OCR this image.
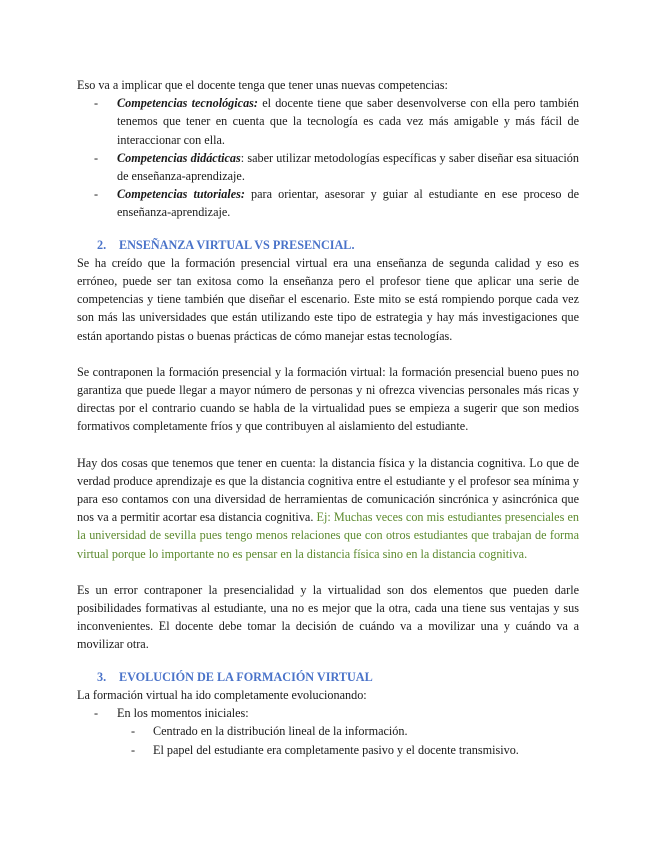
Eso va a implicar que el docente tenga que tener unas nuevas competencias:

- Competencias tecnológicas: el docente tiene que saber desenvolverse con ella pero también tenemos que tener en cuenta que la tecnología es cada vez más amigable y más fácil de interaccionar con ella.

- Competencias didácticas: saber utilizar metodologías específicas y saber diseñar esa situación de enseñanza-aprendizaje.

- Competencias tutoriales: para orientar, asesorar y guiar al estudiante en ese proceso de enseñanza-aprendizaje.

2. ENSEÑANZA VIRTUAL VS PRESENCIAL.

Se ha creído que la formación presencial virtual era una enseñanza de segunda calidad y eso es erróneo, puede ser tan exitosa como la enseñanza pero el profesor tiene que aplicar una serie de competencias y tiene también que diseñar el escenario. Este mito se está rompiendo porque cada vez son más las universidades que están utilizando este tipo de estrategia y hay más investigaciones que están aportando pistas o buenas prácticas de cómo manejar estas tecnologías.

Se contraponen la formación presencial y la formación virtual: la formación presencial bueno pues no garantiza que puede llegar a mayor número de personas y ni ofrezca vivencias personales más ricas y directas por el contrario cuando se habla de la virtualidad pues se empieza a sugerir que son medios formativos completamente fríos y que contribuyen al aislamiento del estudiante.

Hay dos cosas que tenemos que tener en cuenta: la distancia física y la distancia cognitiva. Lo que de verdad produce aprendizaje es que la distancia cognitiva entre el estudiante y el profesor sea mínima y para eso contamos con una diversidad de herramientas de comunicación sincrónica y asincrónica que nos va a permitir acortar esa distancia cognitiva. Ej: Muchas veces con mis estudiantes presenciales en la universidad de sevilla pues tengo menos relaciones que con otros estudiantes que trabajan de forma virtual porque lo importante no es pensar en la distancia física sino en la distancia cognitiva.

Es un error contraponer la presencialidad y la virtualidad son dos elementos que pueden darle posibilidades formativas al estudiante, una no es mejor que la otra, cada una tiene sus ventajas y sus inconvenientes. El docente debe tomar la decisión de cuándo va a movilizar una y cuándo va a movilizar otra.

3. EVOLUCIÓN DE LA FORMACIÓN VIRTUAL

La formación virtual ha ido completamente evolucionando:

- En los momentos iniciales:

- Centrado en la distribución lineal de la información.

- El papel del estudiante era completamente pasivo y el docente transmisivo.
